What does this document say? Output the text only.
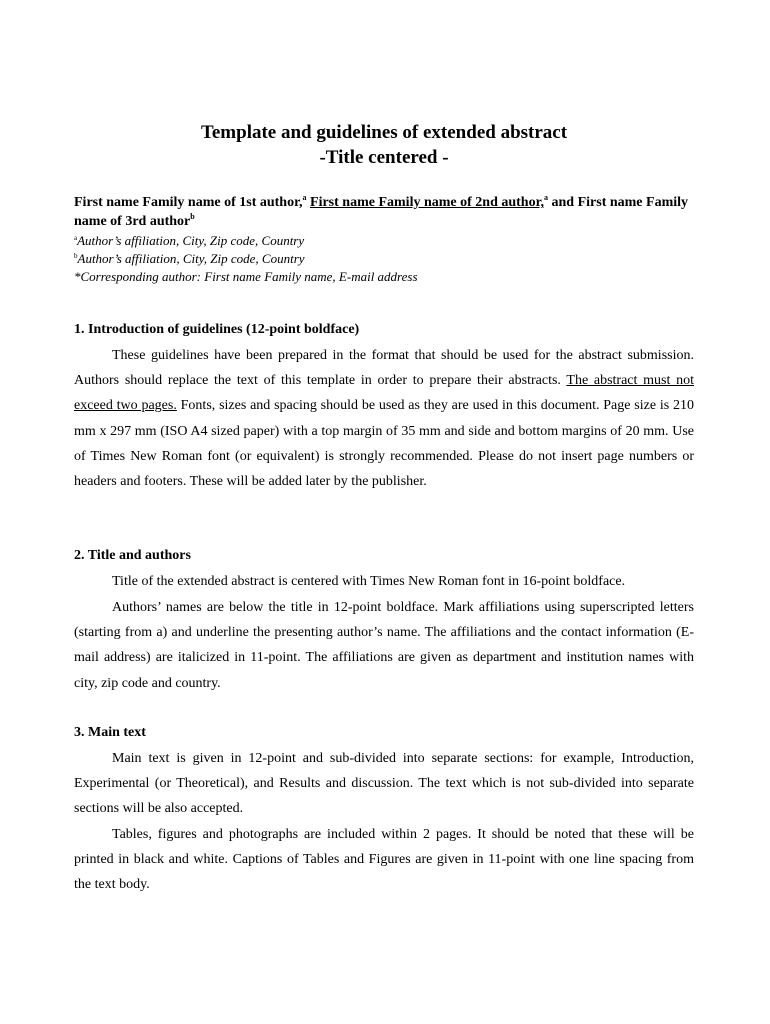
Template and guidelines of extended abstract
-Title centered -
First name Family name of 1st author,$^a$ First name Family name of 2nd author,$^a$ and First name Family name of 3rd author$^b$
$^a$Author’s affiliation, City, Zip code, Country
$^b$Author’s affiliation, City, Zip code, Country
*Corresponding author: First name Family name, E-mail address
1. Introduction of guidelines (12-point boldface)

These guidelines have been prepared in the format that should be used for the abstract submission. Authors should replace the text of this template in order to prepare their abstracts. The abstract must not exceed two pages. Fonts, sizes and spacing should be used as they are used in this document. Page size is 210 mm x 297 mm (ISO A4 sized paper) with a top margin of 35 mm and side and bottom margins of 20 mm. Use of Times New Roman font (or equivalent) is strongly recommended. Please do not insert page numbers or headers and footers. These will be added later by the publisher.

2. Title and authors

Title of the extended abstract is centered with Times New Roman font in 16-point boldface.

Authors’ names are below the title in 12-point boldface. Mark affiliations using superscripted letters (starting from a) and underline the presenting author’s name. The affiliations and the contact information (E-mail address) are italicized in 11-point. The affiliations are given as department and institution names with city, zip code and country.

3. Main text

Main text is given in 12-point and sub-divided into separate sections: for example, Introduction, Experimental (or Theoretical), and Results and discussion. The text which is not sub-divided into separate sections will be also accepted.

Tables, figures and photographs are included within 2 pages. It should be noted that these will be printed in black and white. Captions of Tables and Figures are given in 11-point with one line spacing from the text body.
